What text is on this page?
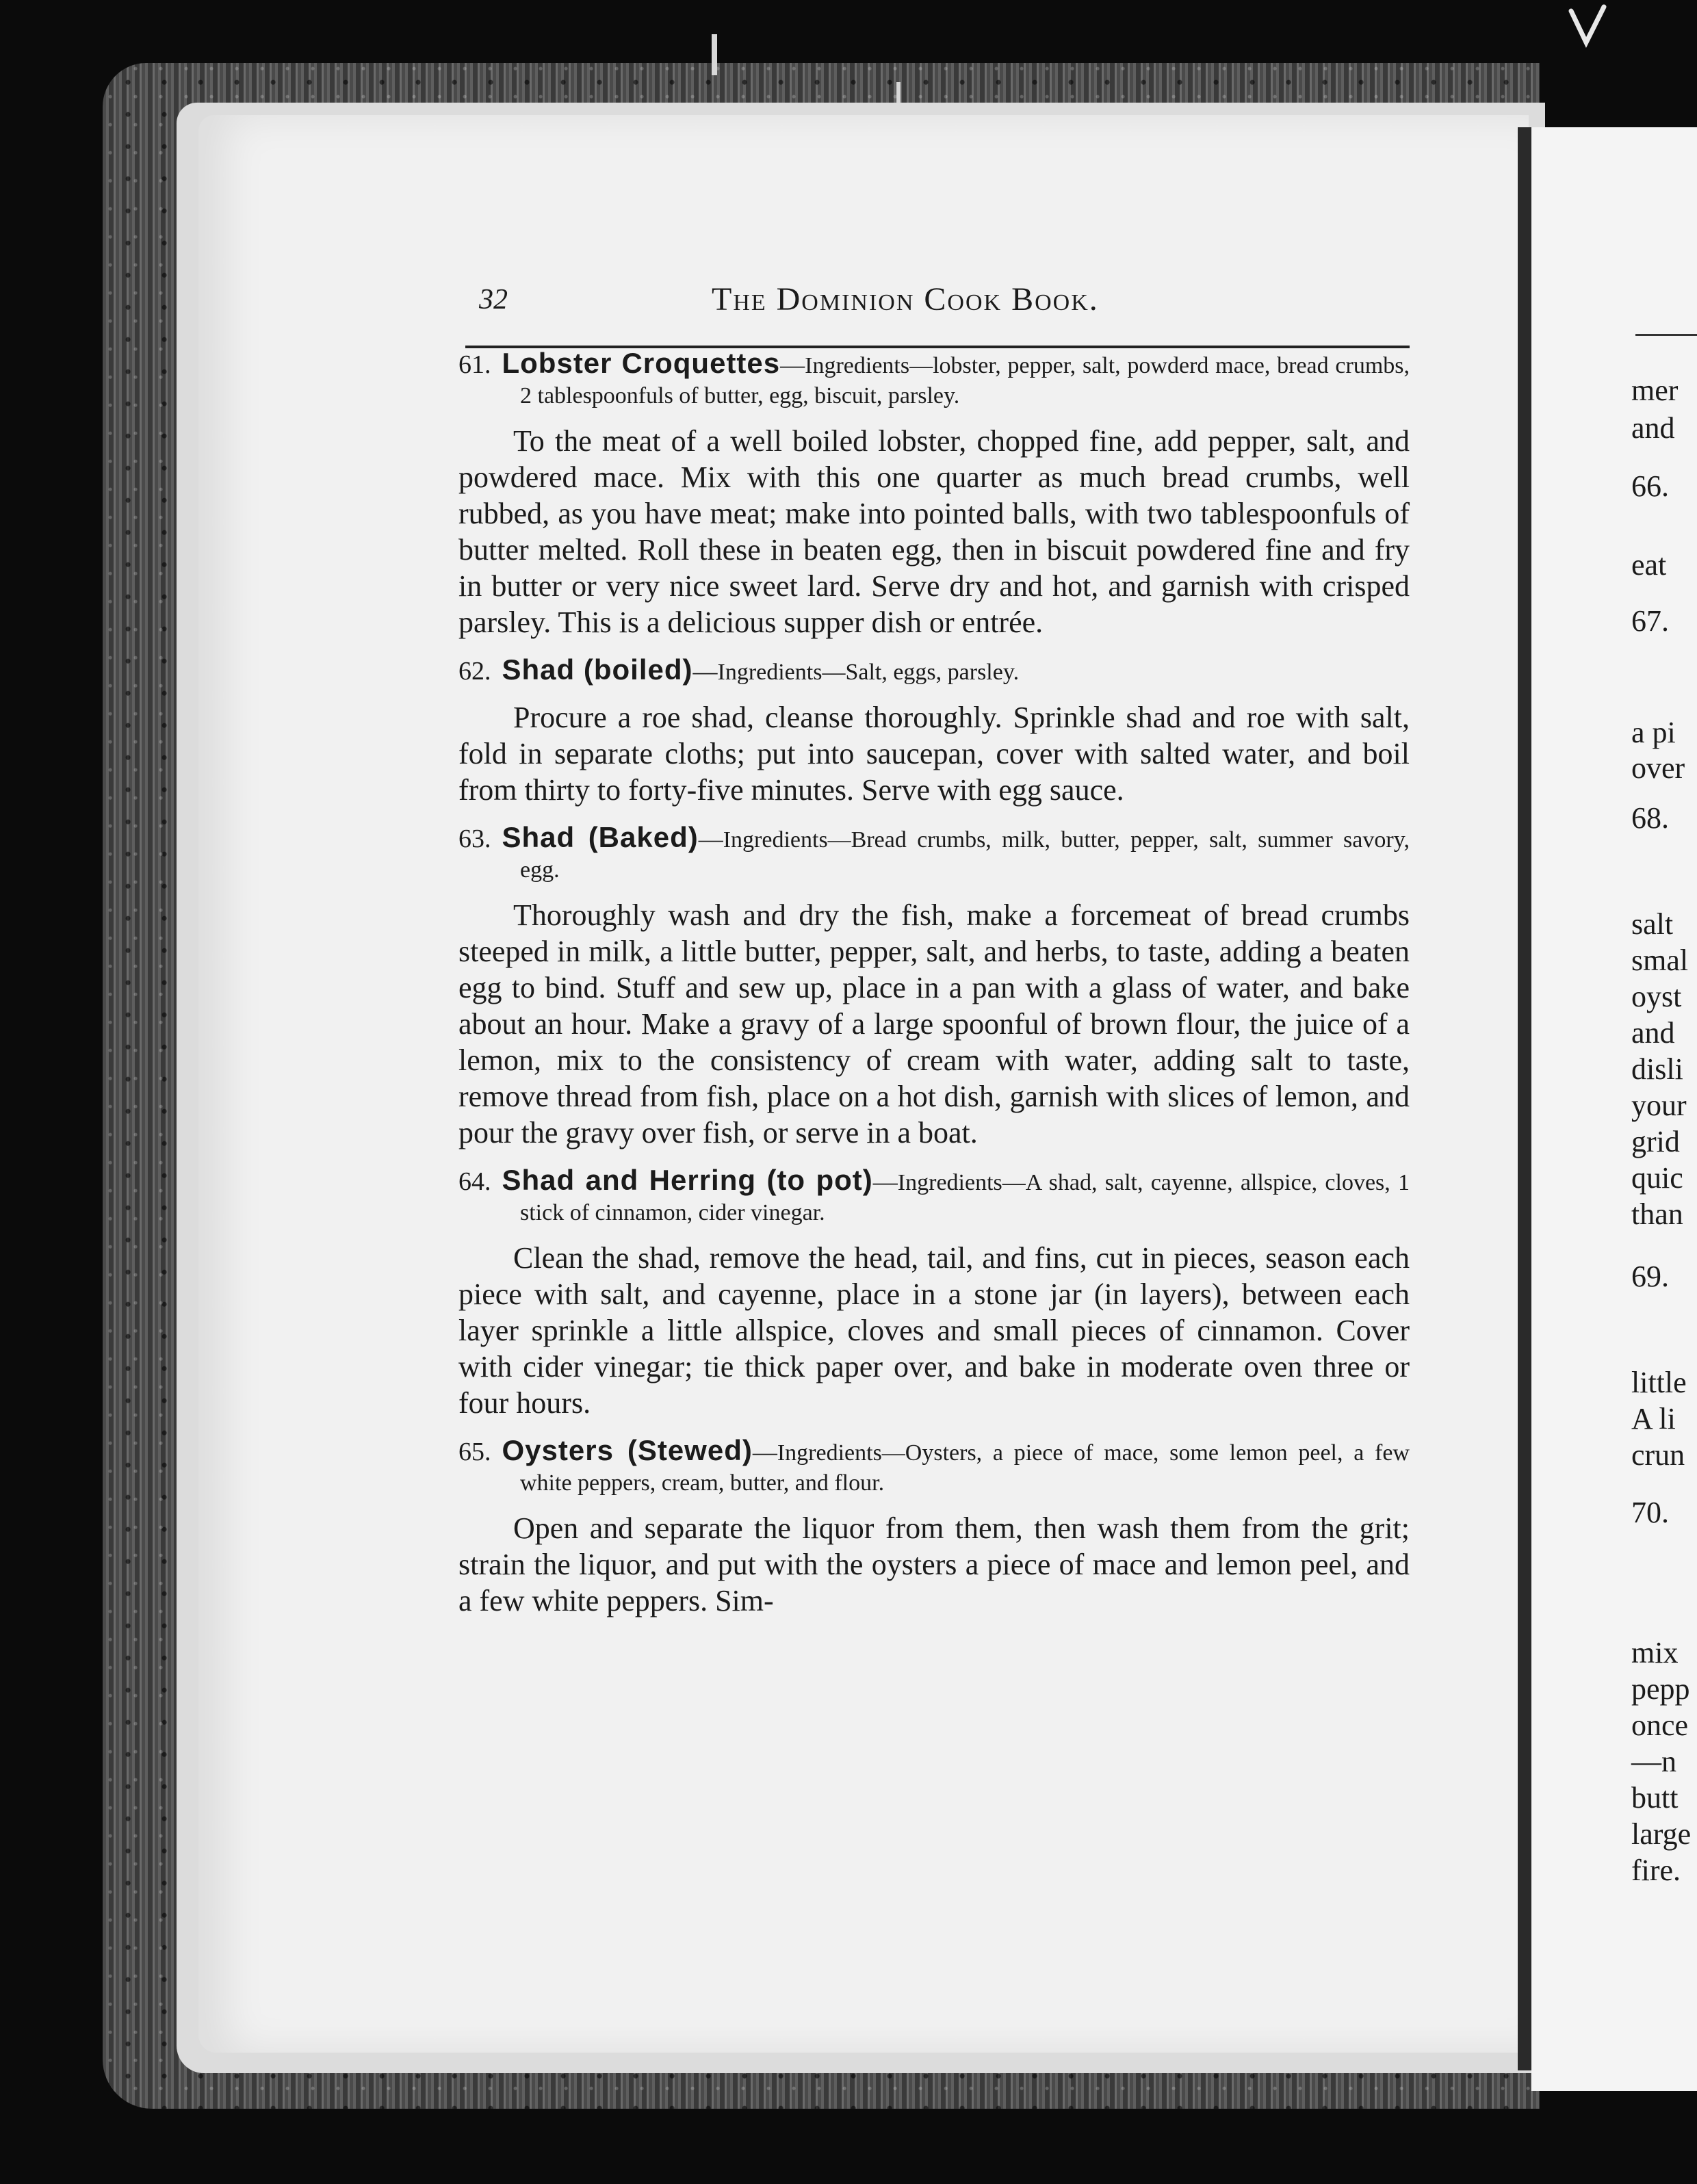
32	The Dominion Cook Book.
61. Lobster Croquettes—Ingredients—lobster, pepper, salt, powderd mace, bread crumbs, 2 tablespoonfuls of butter, egg, biscuit, parsley.
To the meat of a well boiled lobster, chopped fine, add pepper, salt, and powdered mace. Mix with this one quarter as much bread crumbs, well rubbed, as you have meat; make into pointed balls, with two tablespoonfuls of butter melted. Roll these in beaten egg, then in biscuit powdered fine and fry in butter or very nice sweet lard. Serve dry and hot, and garnish with crisped parsley. This is a delicious supper dish or entrée.
62. Shad (boiled)—Ingredients—Salt, eggs, parsley.
Procure a roe shad, cleanse thoroughly. Sprinkle shad and roe with salt, fold in separate cloths; put into saucepan, cover with salted water, and boil from thirty to forty-five minutes. Serve with egg sauce.
63. Shad (Baked)—Ingredients—Bread crumbs, milk, butter, pepper, salt, summer savory, egg.
Thoroughly wash and dry the fish, make a forcemeat of bread crumbs steeped in milk, a little butter, pepper, salt, and herbs, to taste, adding a beaten egg to bind. Stuff and sew up, place in a pan with a glass of water, and bake about an hour. Make a gravy of a large spoonful of brown flour, the juice of a lemon, mix to the consistency of cream with water, adding salt to taste, remove thread from fish, place on a hot dish, garnish with slices of lemon, and pour the gravy over fish, or serve in a boat.
64. Shad and Herring (to pot)—Ingredients—A shad, salt, cayenne, allspice, cloves, 1 stick of cinnamon, cider vinegar.
Clean the shad, remove the head, tail, and fins, cut in pieces, season each piece with salt, and cayenne, place in a stone jar (in layers), between each layer sprinkle a little allspice, cloves and small pieces of cinnamon. Cover with cider vinegar; tie thick paper over, and bake in moderate oven three or four hours.
65. Oysters (Stewed)—Ingredients—Oysters, a piece of mace, some lemon peel, a few white peppers, cream, butter, and flour.
Open and separate the liquor from them, then wash them from the grit; strain the liquor, and put with the oysters a piece of mace and lemon peel, and a few white peppers. Sim-
mer
and
66.
eat
67.
a pi
over
68.
salt
smal
oyst
and
disli
your
grid
quic
than
69.
little
A li
crun
70.
mix
pepp
once
—n
butt
large
fire.
